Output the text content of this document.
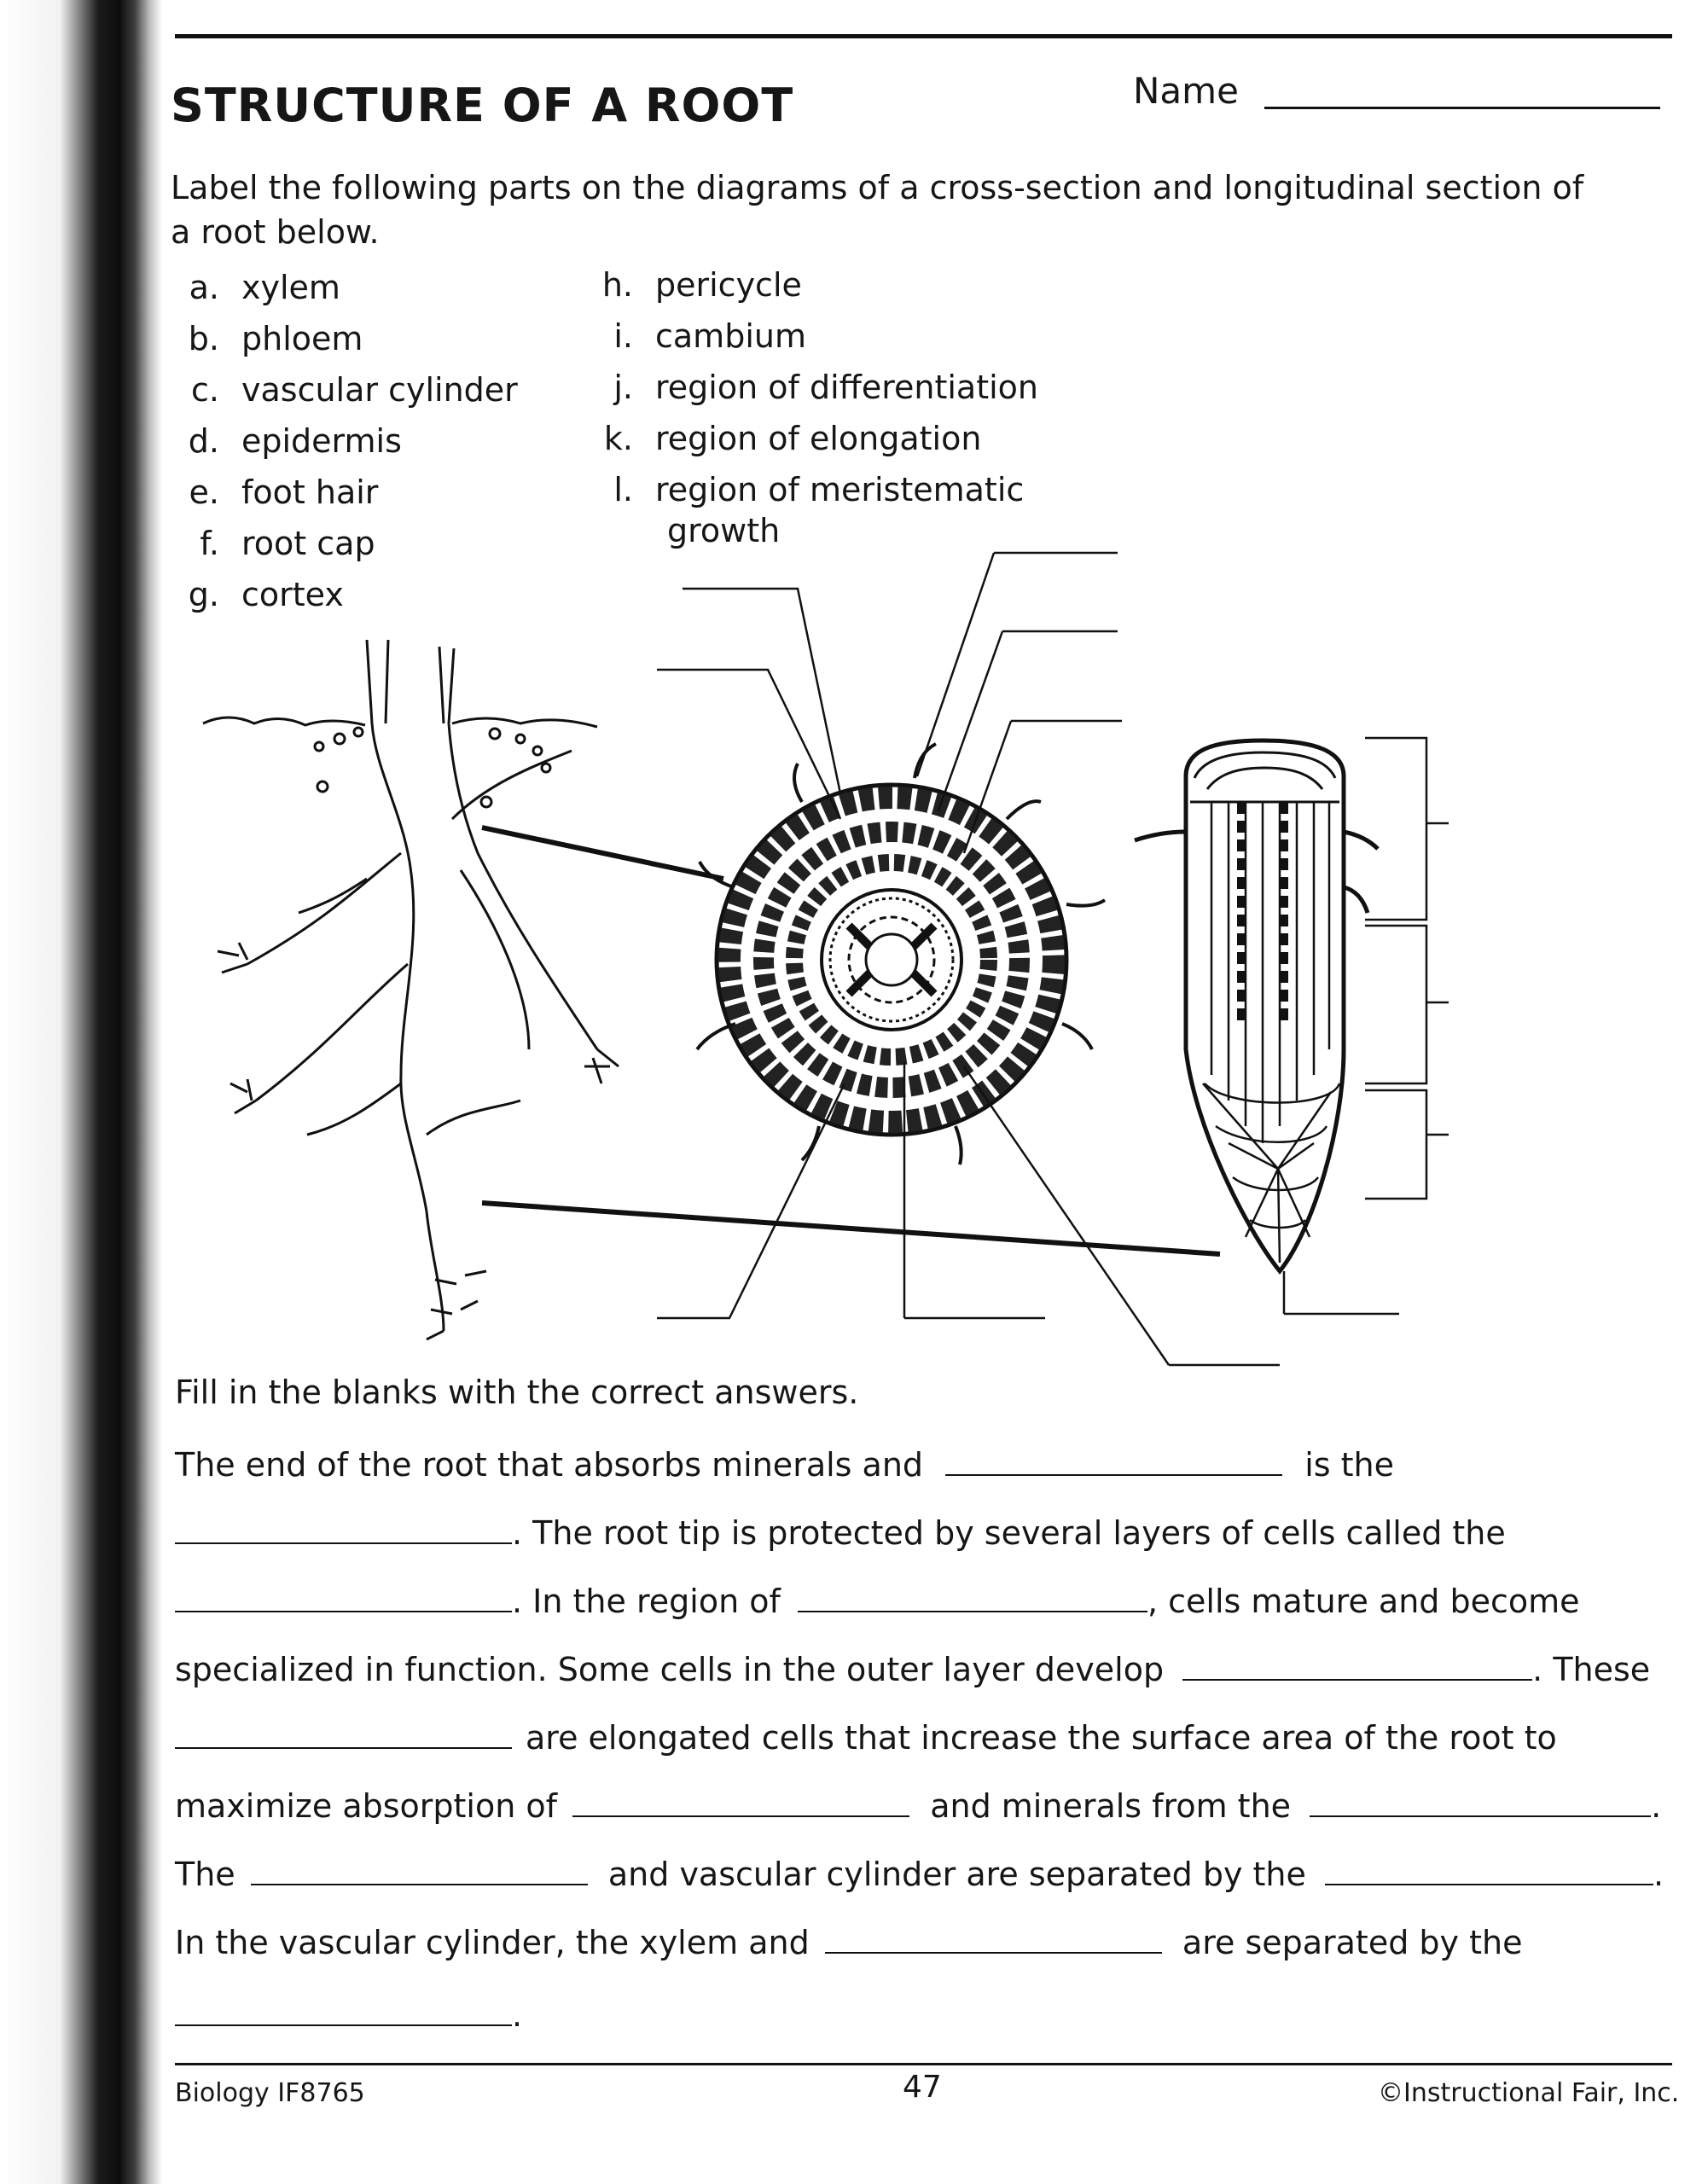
STRUCTURE OF A ROOT	Name
Label the following parts on the diagrams of a cross-section and longitudinal section of
a root below.
a. xylem
b. phloem
c. vascular cylinder
d. epidermis
e. foot hair
f. root cap
g. cortex
h. pericycle
i. cambium
j. region of differentiation
k. region of elongation
l. region of meristematic
growth
Fill in the blanks with the correct answers.
The end of the root that absorbs minerals and	is the
. The root tip is protected by several layers of cells called the
. In the region of	, cells mature and become
specialized in function. Some cells in the outer layer develop	. These
are elongated cells that increase the surface area of the root to
maximize absorption of	and minerals from the	.
The	and vascular cylinder are separated by the	.
In the vascular cylinder, the xylem and	are separated by the
.
Biology IF8765	47	©Instructional Fair, Inc.
